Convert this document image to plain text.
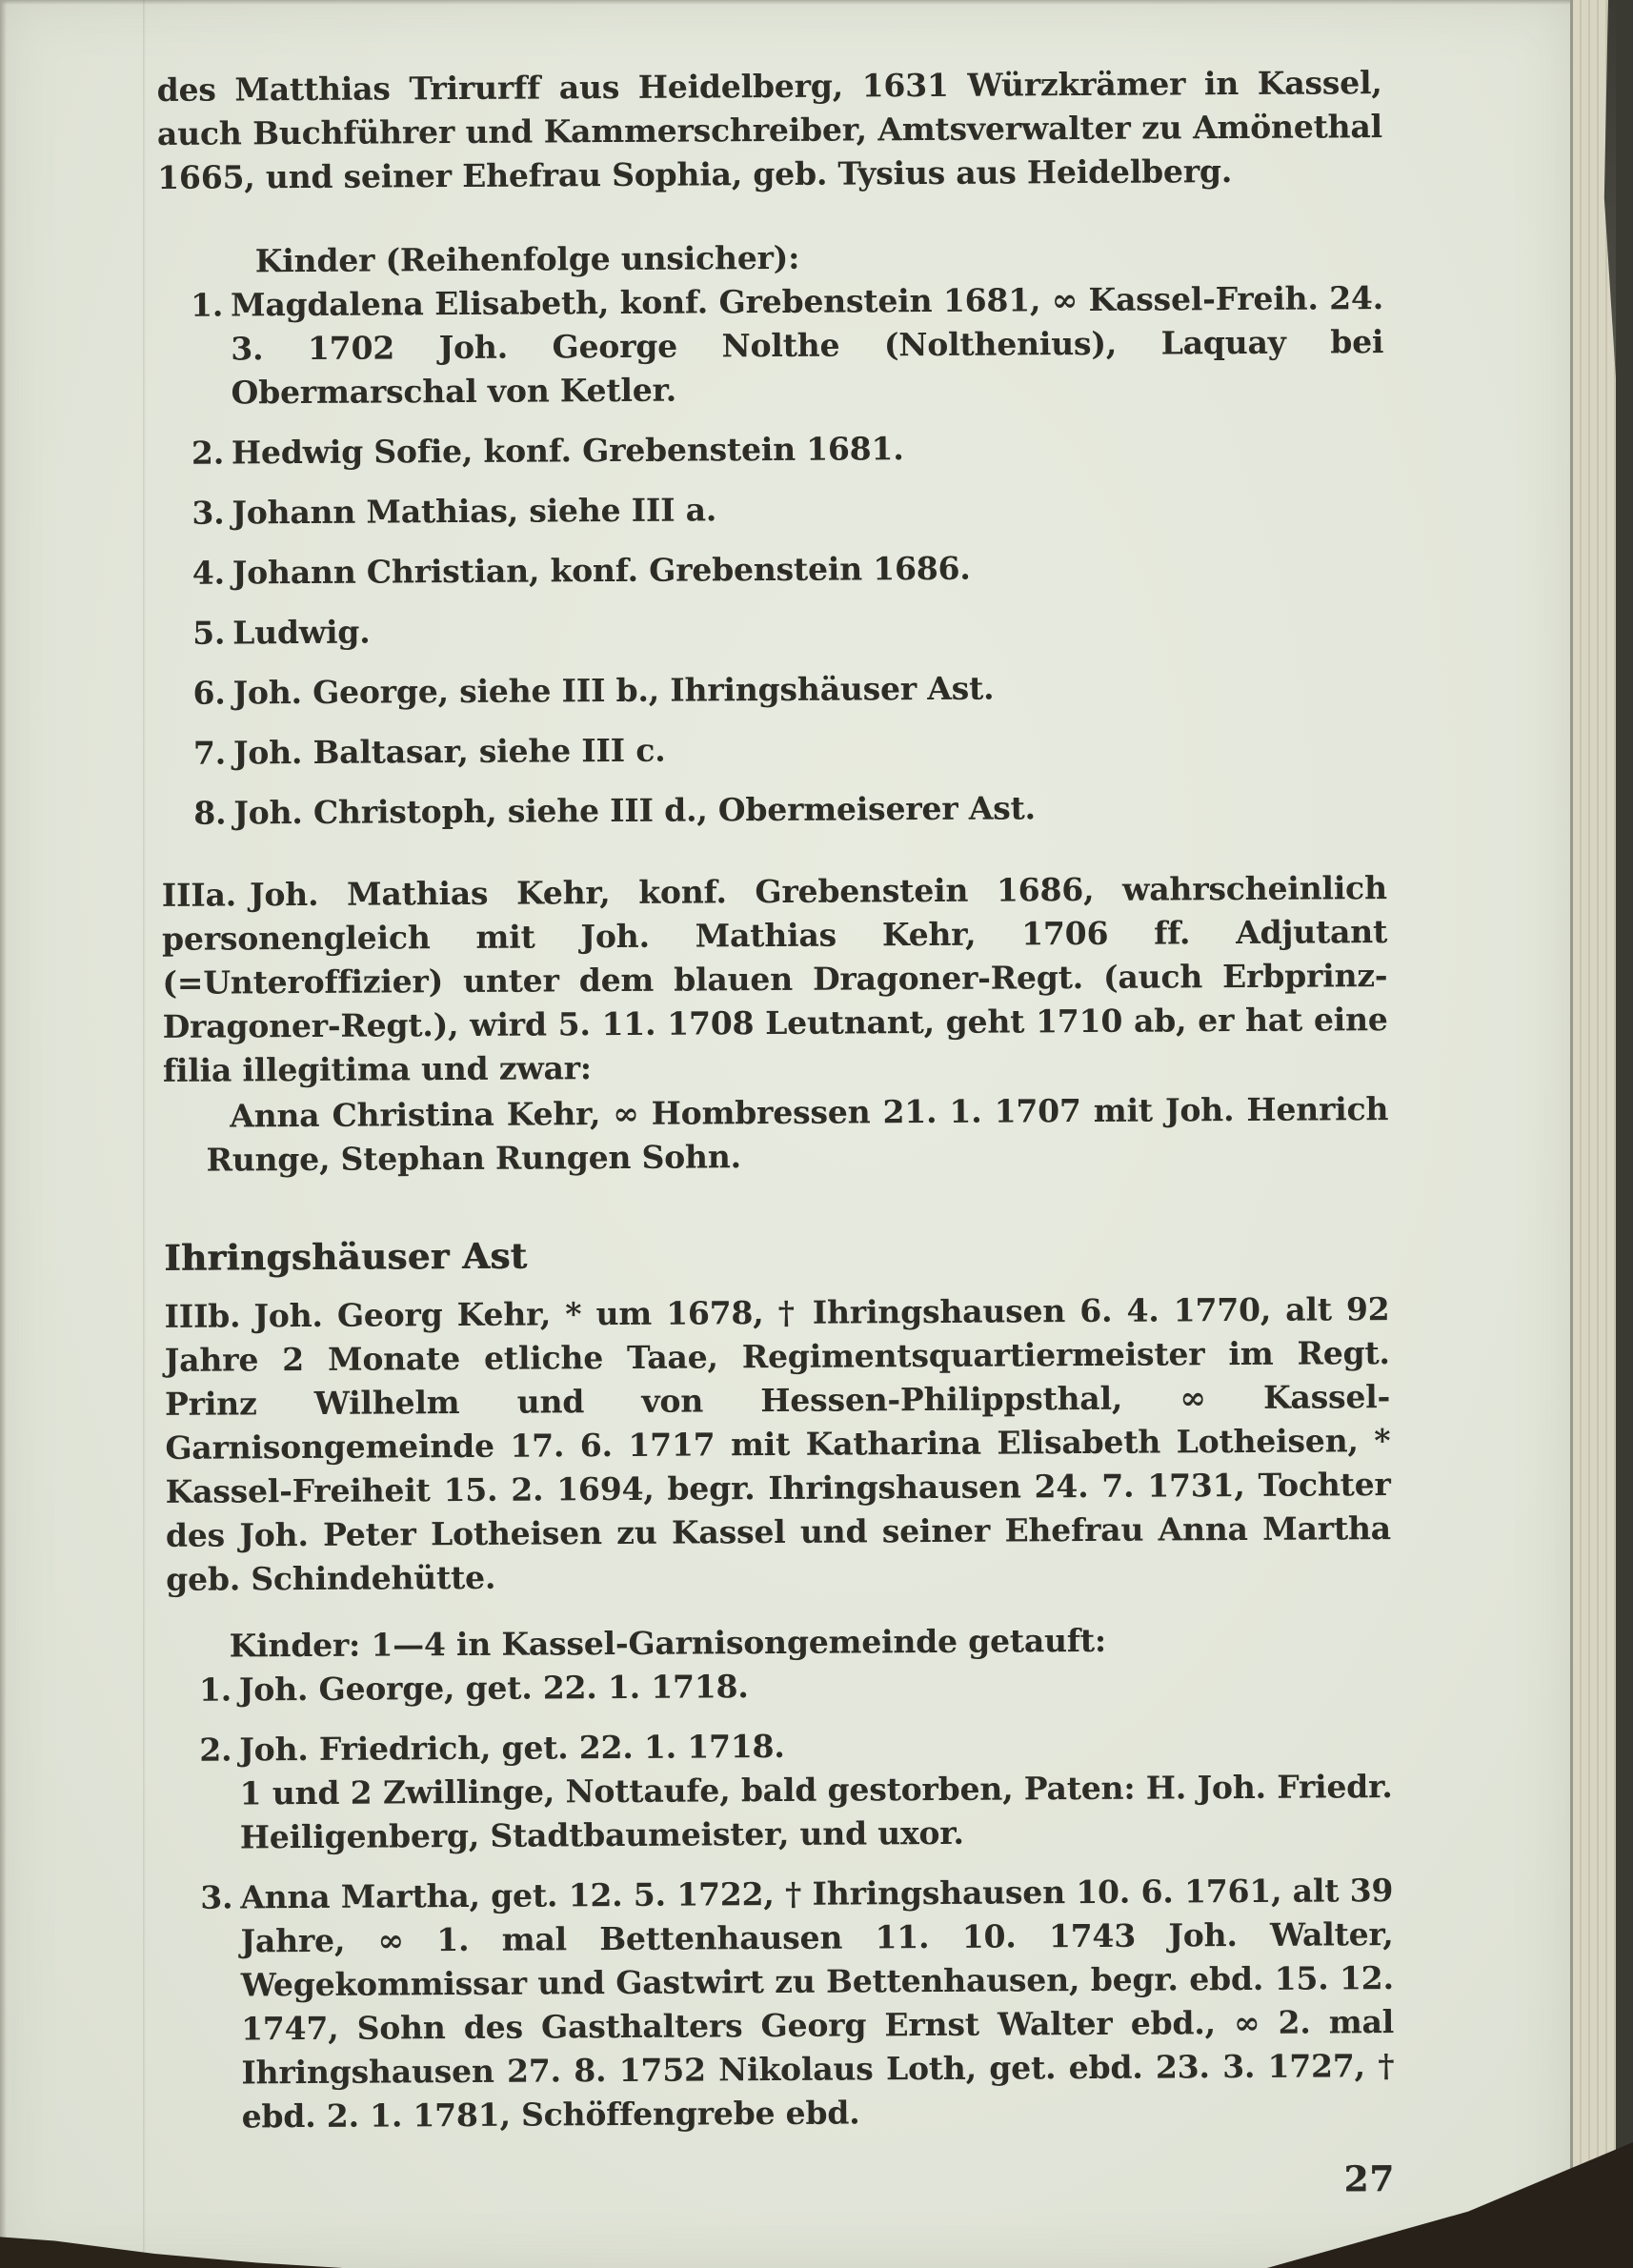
des Matthias Trirurff aus Heidelberg, 1631 Würzkrämer in Kassel, auch Buchführer und Kammerschreiber, Amtsverwalter zu Amönethal 1665, und seiner Ehefrau Sophia, geb. Tysius aus Heidelberg.

Kinder (Reihenfolge unsicher):

1. Magdalena Elisabeth, konf. Grebenstein 1681, ∞ Kassel-Freih. 24. 3. 1702 Joh. George Nolthe (Nolthenius), Laquay bei Obermarschal von Ketler.
2. Hedwig Sofie, konf. Grebenstein 1681.
3. Johann Mathias, siehe III a.
4. Johann Christian, konf. Grebenstein 1686.
5. Ludwig.
6. Joh. George, siehe III b., Ihringshäuser Ast.
7. Joh. Baltasar, siehe III c.
8. Joh. Christoph, siehe III d., Obermeiserer Ast.

IIIa. Joh. Mathias Kehr, konf. Grebenstein 1686, wahrscheinlich personengleich mit Joh. Mathias Kehr, 1706 ff. Adjutant (=Unteroffizier) unter dem blauen Dragoner-Regt. (auch Erbprinz-Dragoner-Regt.), wird 5. 11. 1708 Leutnant, geht 1710 ab, er hat eine filia illegitima und zwar:

Anna Christina Kehr, ∞ Hombressen 21. 1. 1707 mit Joh. Henrich Runge, Stephan Rungen Sohn.

Ihringshäuser Ast

IIIb. Joh. Georg Kehr, * um 1678, † Ihringshausen 6. 4. 1770, alt 92 Jahre 2 Monate etliche Taae, Regimentsquartiermeister im Regt. Prinz Wilhelm und von Hessen-Philippsthal, ∞ Kassel-Garnisongemeinde 17. 6. 1717 mit Katharina Elisabeth Lotheisen, * Kassel-Freiheit 15. 2. 1694, begr. Ihringshausen 24. 7. 1731, Tochter des Joh. Peter Lotheisen zu Kassel und seiner Ehefrau Anna Martha geb. Schindehütte.

Kinder: 1—4 in Kassel-Garnisongemeinde getauft:

1. Joh. George, get. 22. 1. 1718.
2. Joh. Friedrich, get. 22. 1. 1718.
1 und 2 Zwillinge, Nottaufe, bald gestorben, Paten: H. Joh. Friedr. Heiligenberg, Stadtbaumeister, und uxor.
3. Anna Martha, get. 12. 5. 1722, † Ihringshausen 10. 6. 1761, alt 39 Jahre, ∞ 1. mal Bettenhausen 11. 10. 1743 Joh. Walter, Wegekommissar und Gastwirt zu Bettenhausen, begr. ebd. 15. 12. 1747, Sohn des Gasthalters Georg Ernst Walter ebd., ∞ 2. mal Ihringshausen 27. 8. 1752 Nikolaus Loth, get. ebd. 23. 3. 1727, † ebd. 2. 1. 1781, Schöffengrebe ebd.
27
